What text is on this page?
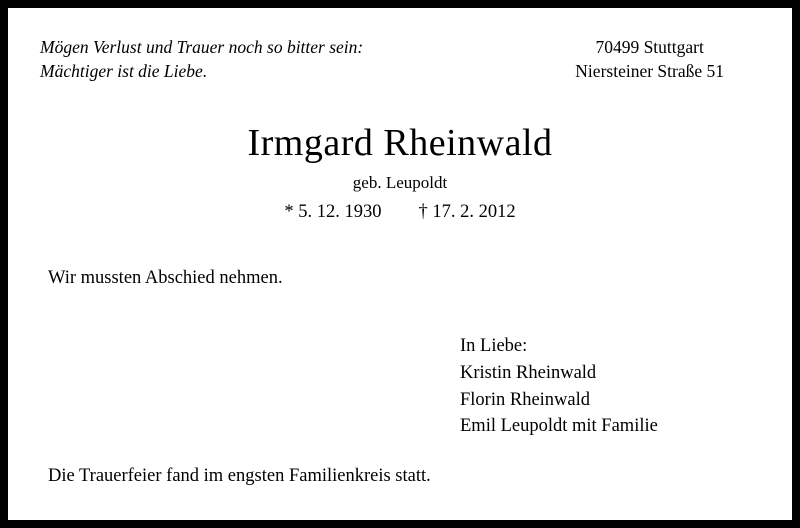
Mögen Verlust und Trauer noch so bitter sein:
Mächtiger ist die Liebe.
70499 Stuttgart
Niersteiner Straße 51
Irmgard Rheinwald
geb. Leupoldt
* 5. 12. 1930        † 17. 2. 2012
Wir mussten Abschied nehmen.
In Liebe:
Kristin Rheinwald
Florin Rheinwald
Emil Leupoldt mit Familie
Die Trauerfeier fand im engsten Familienkreis statt.
